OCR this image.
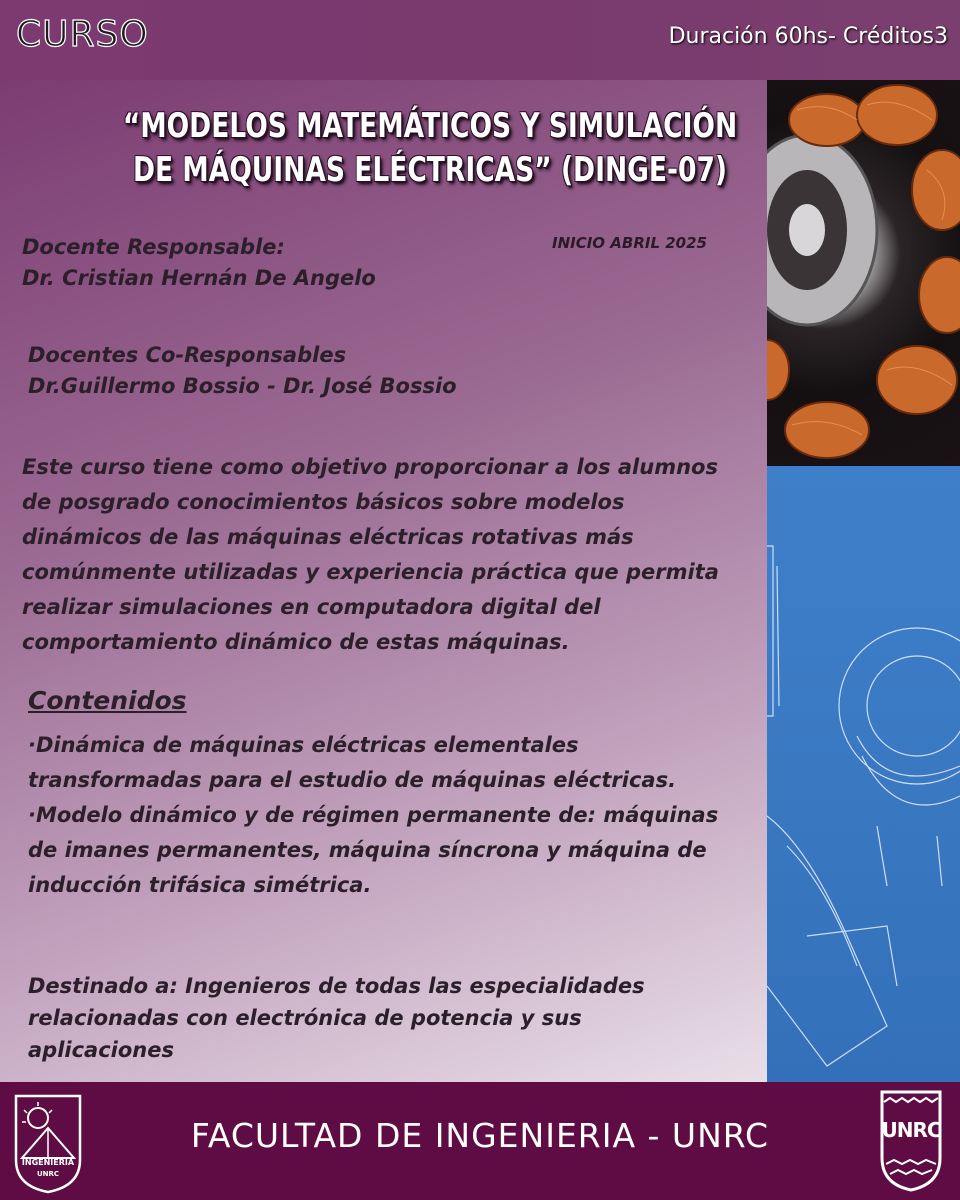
CURSO	Duración 60hs- Créditos3
“MODELOS MATEMÁTICOS Y SIMULACIÓN
DE MÁQUINAS ELÉCTRICAS” (DINGE-07)
INICIO ABRIL 2025
Docente Responsable:
Dr. Cristian Hernán De Angelo
Docentes Co-Responsables
Dr.Guillermo Bossio - Dr. José Bossio
Este curso tiene como objetivo proporcionar a los alumnos
de posgrado conocimientos básicos sobre modelos
dinámicos de las máquinas eléctricas rotativas más
comúnmente utilizadas y experiencia práctica que permita
realizar simulaciones en computadora digital del
comportamiento dinámico de estas máquinas.
Contenidos
·Dinámica de máquinas eléctricas elementales
transformadas para el estudio de máquinas eléctricas.
·Modelo dinámico y de régimen permanente de: máquinas
de imanes permanentes, máquina síncrona y máquina de
inducción trifásica simétrica.
Destinado a: Ingenieros de todas las especialidades
relacionadas con electrónica de potencia y sus
aplicaciones
INGENIERIA
UNRC
FACULTAD DE INGENIERIA - UNRC	UNRC
